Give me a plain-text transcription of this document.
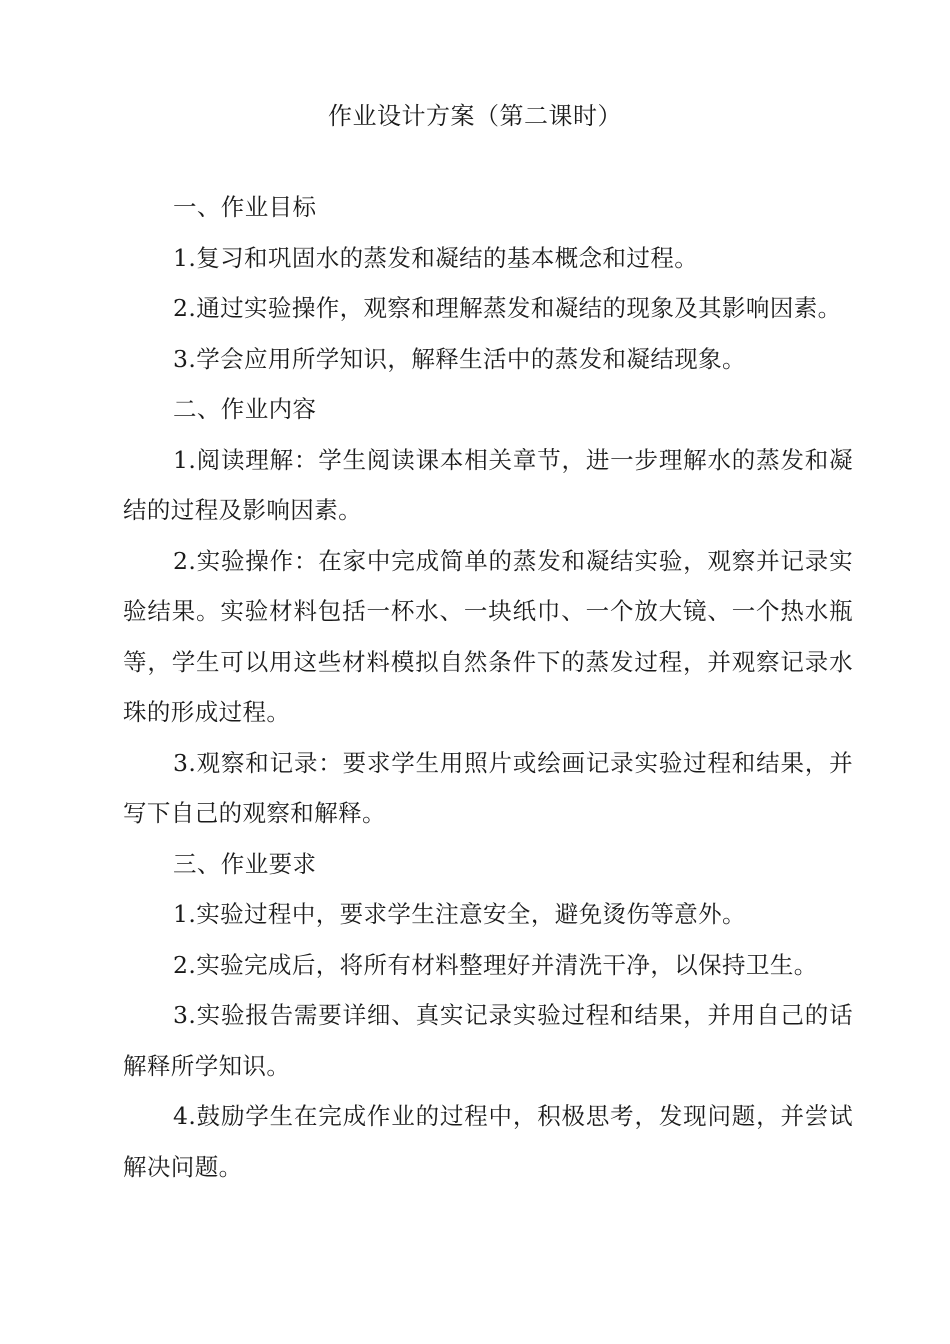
作业设计方案（第二课时）

一、作业目标

1.复习和巩固水的蒸发和凝结的基本概念和过程。

2.通过实验操作，观察和理解蒸发和凝结的现象及其影响因素。

3.学会应用所学知识，解释生活中的蒸发和凝结现象。

二、作业内容

1.阅读理解：学生阅读课本相关章节，进一步理解水的蒸发和凝结的过程及影响因素。

2.实验操作：在家中完成简单的蒸发和凝结实验，观察并记录实验结果。实验材料包括一杯水、一块纸巾、一个放大镜、一个热水瓶等，学生可以用这些材料模拟自然条件下的蒸发过程，并观察记录水珠的形成过程。

3.观察和记录：要求学生用照片或绘画记录实验过程和结果，并写下自己的观察和解释。

三、作业要求

1.实验过程中，要求学生注意安全，避免烫伤等意外。

2.实验完成后，将所有材料整理好并清洗干净，以保持卫生。

3.实验报告需要详细、真实记录实验过程和结果，并用自己的话解释所学知识。

4.鼓励学生在完成作业的过程中，积极思考，发现问题，并尝试解决问题。
